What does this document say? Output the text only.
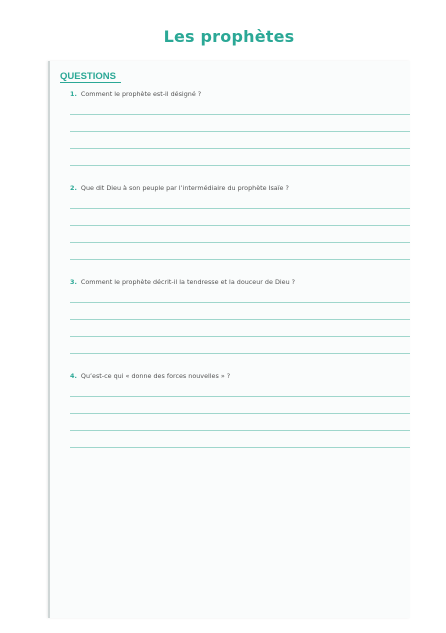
Les prophètes
QUESTIONS
1. Comment le prophète est-il désigné ?
2. Que dit Dieu à son peuple par l’intermédiaire du prophète Isaïe ?
3. Comment le prophète décrit-il la tendresse et la douceur de Dieu ?
4. Qu’est-ce qui « donne des forces nouvelles » ?
